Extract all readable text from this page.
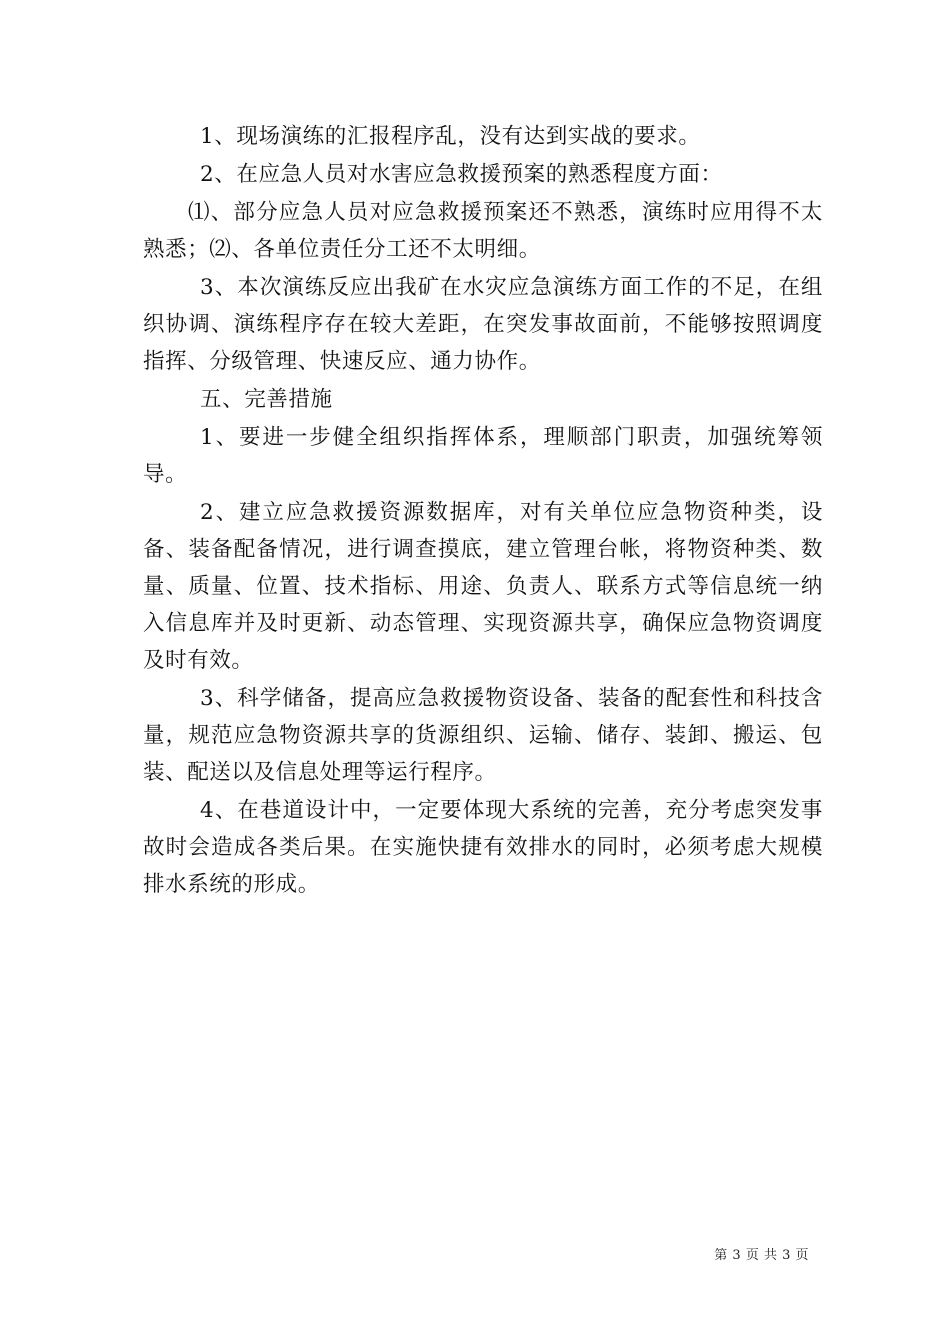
1、现场演练的汇报程序乱，没有达到实战的要求。

2、在应急人员对水害应急救援预案的熟悉程度方面：

⑴、部分应急人员对应急救援预案还不熟悉，演练时应用得不太熟悉；⑵、各单位责任分工还不太明细。

3、本次演练反应出我矿在水灾应急演练方面工作的不足，在组织协调、演练程序存在较大差距，在突发事故面前，不能够按照调度指挥、分级管理、快速反应、通力协作。

五、完善措施

1、要进一步健全组织指挥体系，理顺部门职责，加强统筹领导。

2、建立应急救援资源数据库，对有关单位应急物资种类，设备、装备配备情况，进行调查摸底，建立管理台帐，将物资种类、数量、质量、位置、技术指标、用途、负责人、联系方式等信息统一纳入信息库并及时更新、动态管理、实现资源共享，确保应急物资调度及时有效。

3、科学储备，提高应急救援物资设备、装备的配套性和科技含量，规范应急物资源共享的货源组织、运输、储存、装卸、搬运、包装、配送以及信息处理等运行程序。

4、在巷道设计中，一定要体现大系统的完善，充分考虑突发事故时会造成各类后果。在实施快捷有效排水的同时，必须考虑大规模排水系统的形成。

第 3 页 共 3 页
